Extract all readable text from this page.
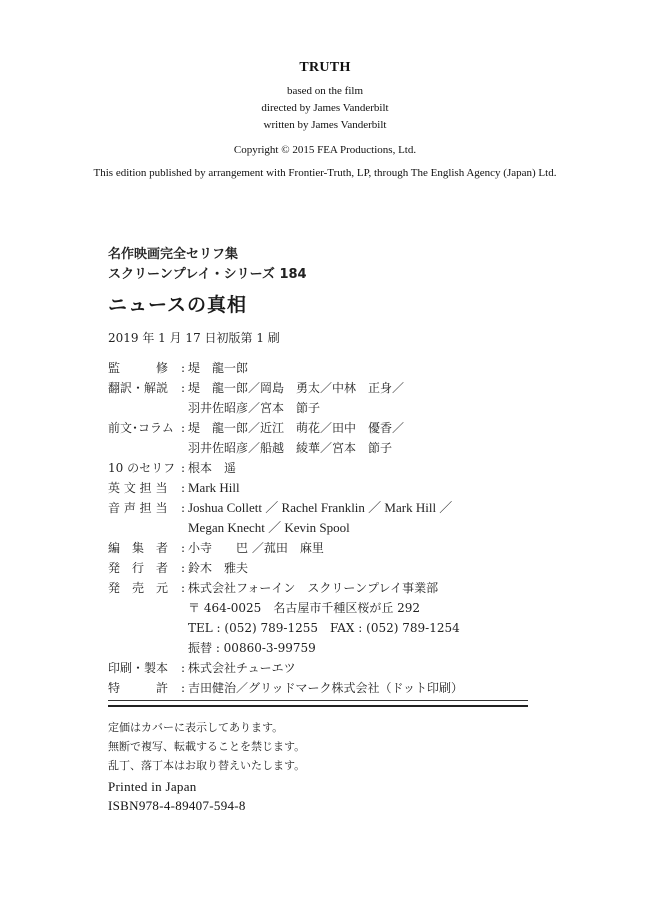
TRUTH
based on the film
directed by James Vanderbilt
written by James Vanderbilt
Copyright © 2015 FEA Productions, Ltd.
This edition published by arrangement with Frontier-Truth, LP, through The English Agency (Japan) Ltd.
名作映画完全セリフ集
スクリーンプレイ・シリーズ 184
ニュースの真相
2019 年 1 月 17 日初版第 1 刷
監　　　修	: 堤　龍一郎
翻訳・解説	: 堤　龍一郎／岡島　勇太／中林　正身／
羽井佐昭彦／宮本　節子
前文･コラム : 堤　龍一郎／近江　萌花／田中　優香／
羽井佐昭彦／船越　綾華／宮本　節子
10 のセリフ : 根本　遥
英 文 担 当	: Mark Hill
音 声 担 当	: Joshua Collett ／ Rachel Franklin ／ Mark Hill ／
Megan Knecht ／ Kevin Spool
編　集　者	: 小寺　　巴 ／菰田　麻里
発　行　者	: 鈴木　雅夫
発　売　元	: 株式会社フォーイン　スクリーンプレイ事業部
〒 464-0025　名古屋市千種区桜が丘 292
TEL : (052) 789-1255　FAX : (052) 789-1254
振替 : 00860-3-99759
印刷・製本	: 株式会社チューエツ
特　　　許	: 吉田健治／グリッドマーク株式会社（ドット印刷）
定価はカバーに表示してあります。
無断で複写、転載することを禁じます。
乱丁、落丁本はお取り替えいたします。
Printed in Japan
ISBN978-4-89407-594-8
